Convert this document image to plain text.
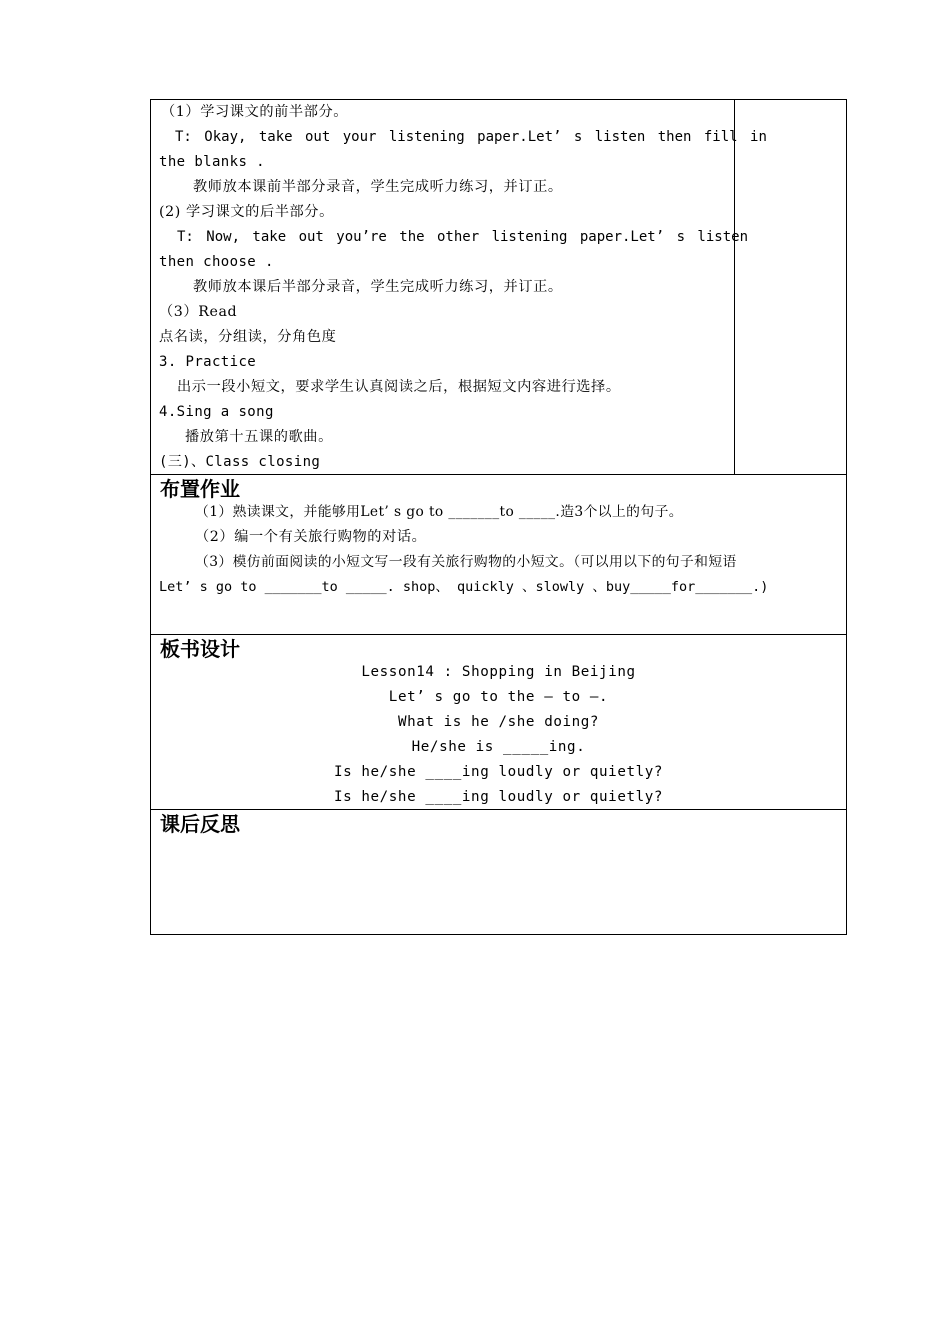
（1）学习课文的前半部分。
T: Okay, take out your listening paper.Let’ s listen then fill in
the blanks .
教师放本课前半部分录音，学生完成听力练习，并订正。
(2) 学习课文的后半部分。
T: Now, take out you’re the other listening paper.Let’ s listen
then choose .
教师放本课后半部分录音，学生完成听力练习，并订正。
（3）Read
点名读，分组读，分角色度
3. Practice
出示一段小短文，要求学生认真阅读之后，根据短文内容进行选择。
4.Sing a song
播放第十五课的歌曲。
(三)、Class closing
布置作业
（1）熟读课文，并能够用Let’ s go to _______to _____.造3个以上的句子。
（2）编一个有关旅行购物的对话。
（3）模仿前面阅读的小短文写一段有关旅行购物的小短文。（可以用以下的句子和短语
Let’ s go to _______to _____. shop、 quickly 、slowly 、buy_____for_______.)
板书设计
Lesson14 : Shopping in Beijing
Let’ s go to the — to —.
What is he /she doing?
He/she is _____ing.
Is he/she ____ing loudly or quietly?
Is he/she ____ing loudly or quietly?
课后反思
